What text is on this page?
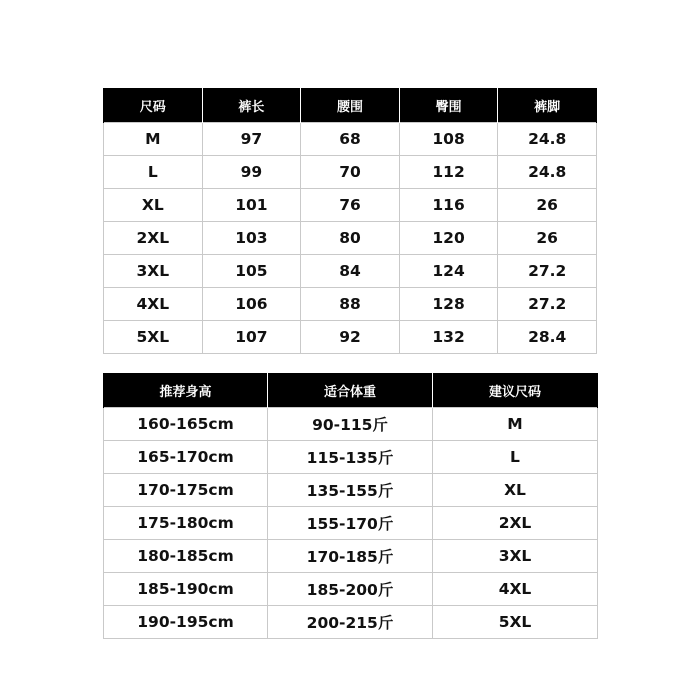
尺码	裤长	腰围	臀围	裤脚
M	97	68	108	24.8
L	99	70	112	24.8
XL	101	76	116	26
2XL	103	80	120	26
3XL	105	84	124	27.2
4XL	106	88	128	27.2
5XL	107	92	132	28.4
推荐身高	适合体重	建议尺码
160-165cm	90-115斤	M
165-170cm	115-135斤	L
170-175cm	135-155斤	XL
175-180cm	155-170斤	2XL
180-185cm	170-185斤	3XL
185-190cm	185-200斤	4XL
190-195cm	200-215斤	5XL
